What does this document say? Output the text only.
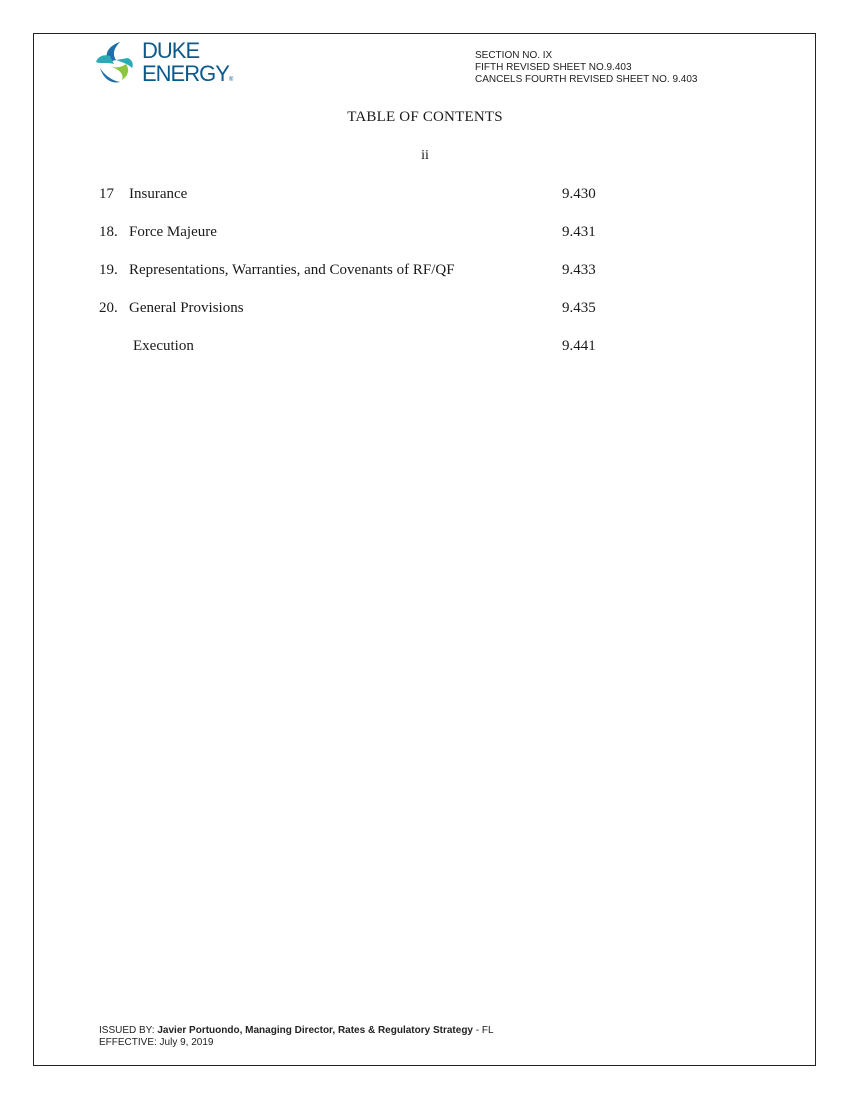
DUKE
ENERGY®
SECTION NO. IX
FIFTH REVISED SHEET NO.9.403
CANCELS FOURTH REVISED SHEET NO. 9.403
TABLE OF CONTENTS
ii
17 Insurance	9.430
18. Force Majeure	9.431
19. Representations, Warranties, and Covenants of RF/QF	9.433
20. General Provisions	9.435
Execution	9.441
ISSUED BY: Javier Portuondo, Managing Director, Rates & Regulatory Strategy - FL
EFFECTIVE: July 9, 2019
